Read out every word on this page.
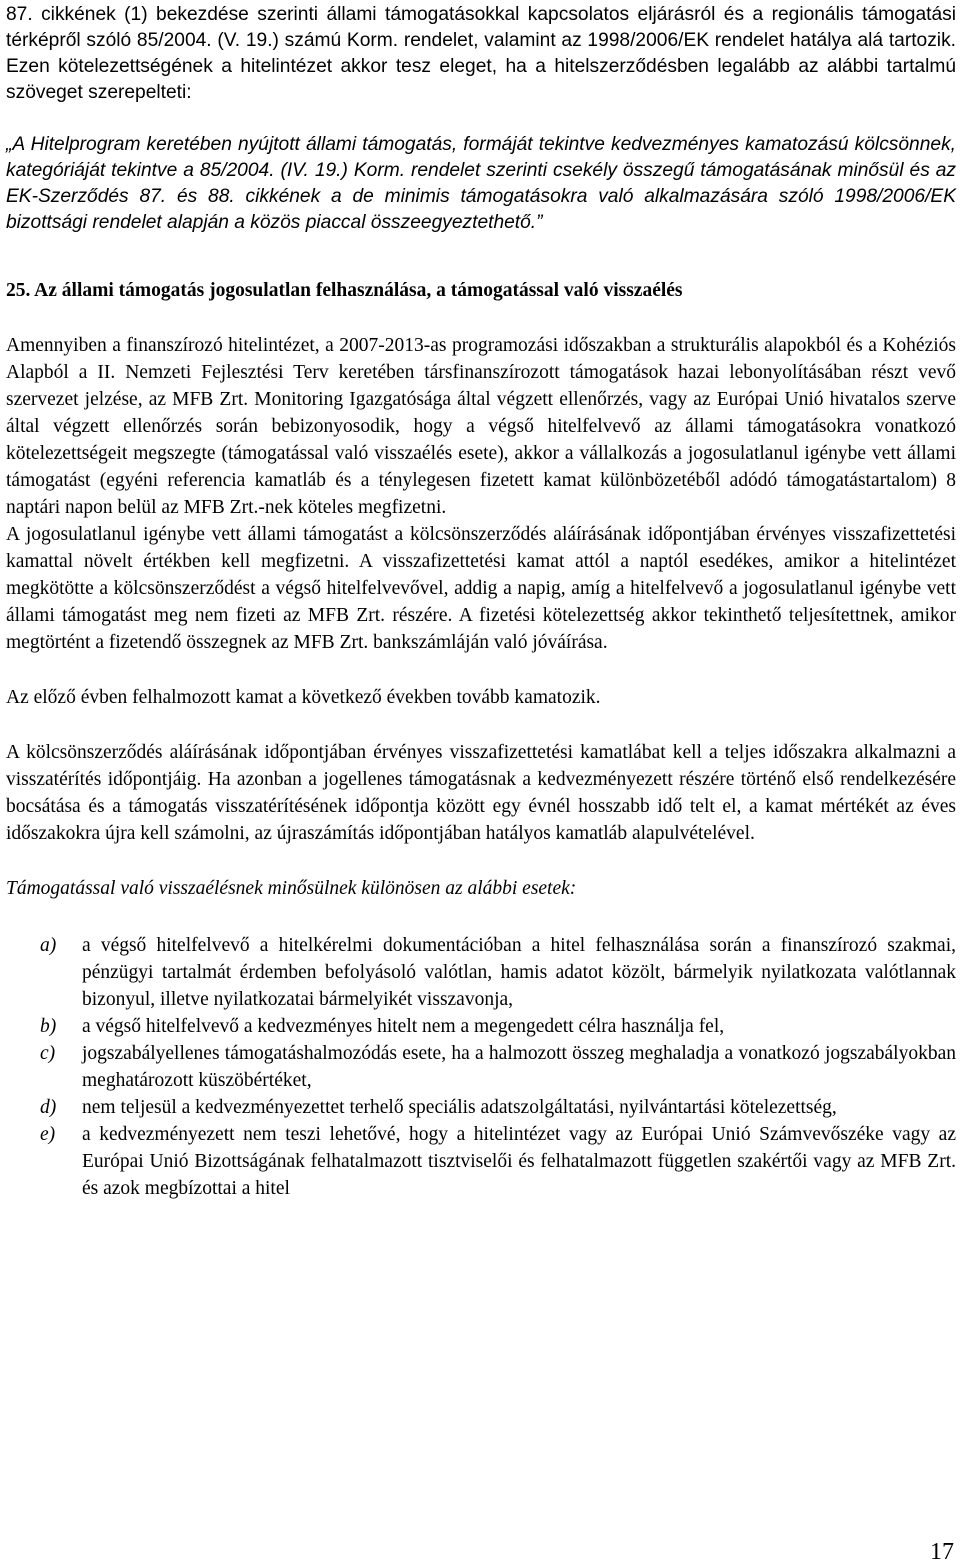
87. cikkének (1) bekezdése szerinti állami támogatásokkal kapcsolatos eljárásról és a regionális támogatási térképről szóló 85/2004. (V. 19.) számú Korm. rendelet, valamint az 1998/2006/EK rendelet hatálya alá tartozik. Ezen kötelezettségének a hitelintézet akkor tesz eleget, ha a hitelszerződésben legalább az alábbi tartalmú szöveget szerepelteti:

„A Hitelprogram keretében nyújtott állami támogatás, formáját tekintve kedvezményes kamatozású kölcsönnek, kategóriáját tekintve a 85/2004. (IV. 19.) Korm. rendelet szerinti csekély összegű támogatásának minősül és az EK-Szerződés 87. és 88. cikkének a de minimis támogatásokra való alkalmazására szóló 1998/2006/EK bizottsági rendelet alapján a közös piaccal összeegyeztethető.”

25. Az állami támogatás jogosulatlan felhasználása, a támogatással való visszaélés

Amennyiben a finanszírozó hitelintézet, a 2007-2013-as programozási időszakban a strukturális alapokból és a Kohéziós Alapból a II. Nemzeti Fejlesztési Terv keretében társfinanszírozott támogatások hazai lebonyolításában részt vevő szervezet jelzése, az MFB Zrt. Monitoring Igazgatósága által végzett ellenőrzés, vagy az Európai Unió hivatalos szerve által végzett ellenőrzés során bebizonyosodik, hogy a végső hitelfelvevő az állami támogatásokra vonatkozó kötelezettségeit megszegte (támogatással való visszaélés esete), akkor a vállalkozás a jogosulatlanul igénybe vett állami támogatást (egyéni referencia kamatláb és a ténylegesen fizetett kamat különbözetéből adódó támogatástartalom) 8 naptári napon belül az MFB Zrt.-nek köteles megfizetni.

A jogosulatlanul igénybe vett állami támogatást a kölcsönszerződés aláírásának időpontjában érvényes visszafizettetési kamattal növelt értékben kell megfizetni. A visszafizettetési kamat attól a naptól esedékes, amikor a hitelintézet megkötötte a kölcsönszerződést a végső hitelfelvevővel, addig a napig, amíg a hitelfelvevő a jogosulatlanul igénybe vett állami támogatást meg nem fizeti az MFB Zrt. részére. A fizetési kötelezettség akkor tekinthető teljesítettnek, amikor megtörtént a fizetendő összegnek az MFB Zrt. bankszámláján való jóváírása.

Az előző évben felhalmozott kamat a következő években tovább kamatozik.

A kölcsönszerződés aláírásának időpontjában érvényes visszafizettetési kamatlábat kell a teljes időszakra alkalmazni a visszatérítés időpontjáig. Ha azonban a jogellenes támogatásnak a kedvezményezett részére történő első rendelkezésére bocsátása és a támogatás visszatérítésének időpontja között egy évnél hosszabb idő telt el, a kamat mértékét az éves időszakokra újra kell számolni, az újraszámítás időpontjában hatályos kamatláb alapulvételével.

Támogatással való visszaélésnek minősülnek különösen az alábbi esetek:

a) a végső hitelfelvevő a hitelkérelmi dokumentációban a hitel felhasználása során a finanszírozó szakmai, pénzügyi tartalmát érdemben befolyásoló valótlan, hamis adatot közölt, bármelyik nyilatkozata valótlannak bizonyul, illetve nyilatkozatai bármelyikét visszavonja,
b) a végső hitelfelvevő a kedvezményes hitelt nem a megengedett célra használja fel,
c) jogszabályellenes támogatáshalmozódás esete, ha a halmozott összeg meghaladja a vonatkozó jogszabályokban meghatározott küszöbértéket,
d) nem teljesül a kedvezményezettet terhelő speciális adatszolgáltatási, nyilvántartási kötelezettség,
e) a kedvezményezett nem teszi lehetővé, hogy a hitelintézet vagy az Európai Unió Számvevőszéke vagy az Európai Unió Bizottságának felhatalmazott tisztviselői és felhatalmazott független szakértői vagy az MFB Zrt. és azok megbízottai a hitel
17
